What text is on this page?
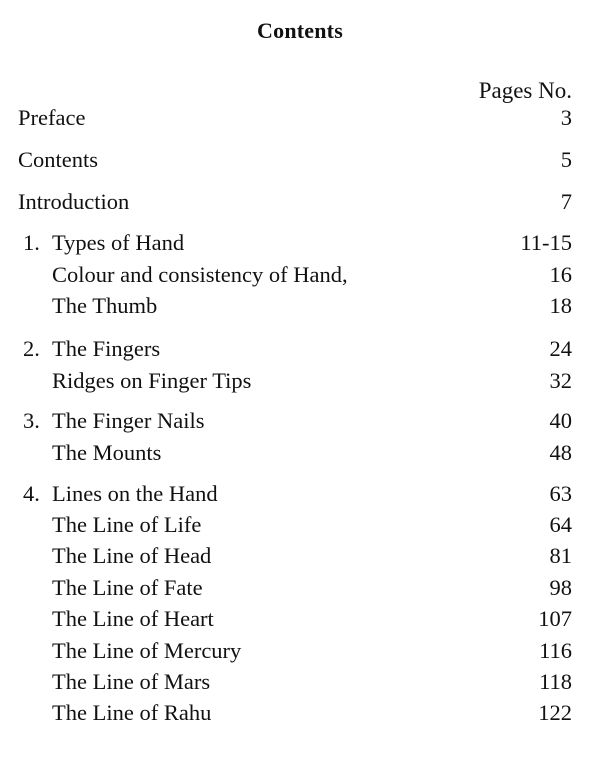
Contents
Pages No.
Preface	3
Contents	5
Introduction	7
1. Types of Hand	11-15
Colour and consistency of Hand,	16
The Thumb	18
2. The Fingers	24
Ridges on Finger Tips	32
3. The Finger Nails	40
The Mounts	48
4. Lines on the Hand	63
The Line of Life	64
The Line of Head	81
The Line of Fate	98
The Line of Heart	107
The Line of Mercury	116
The Line of Mars	118
The Line of Rahu	122
